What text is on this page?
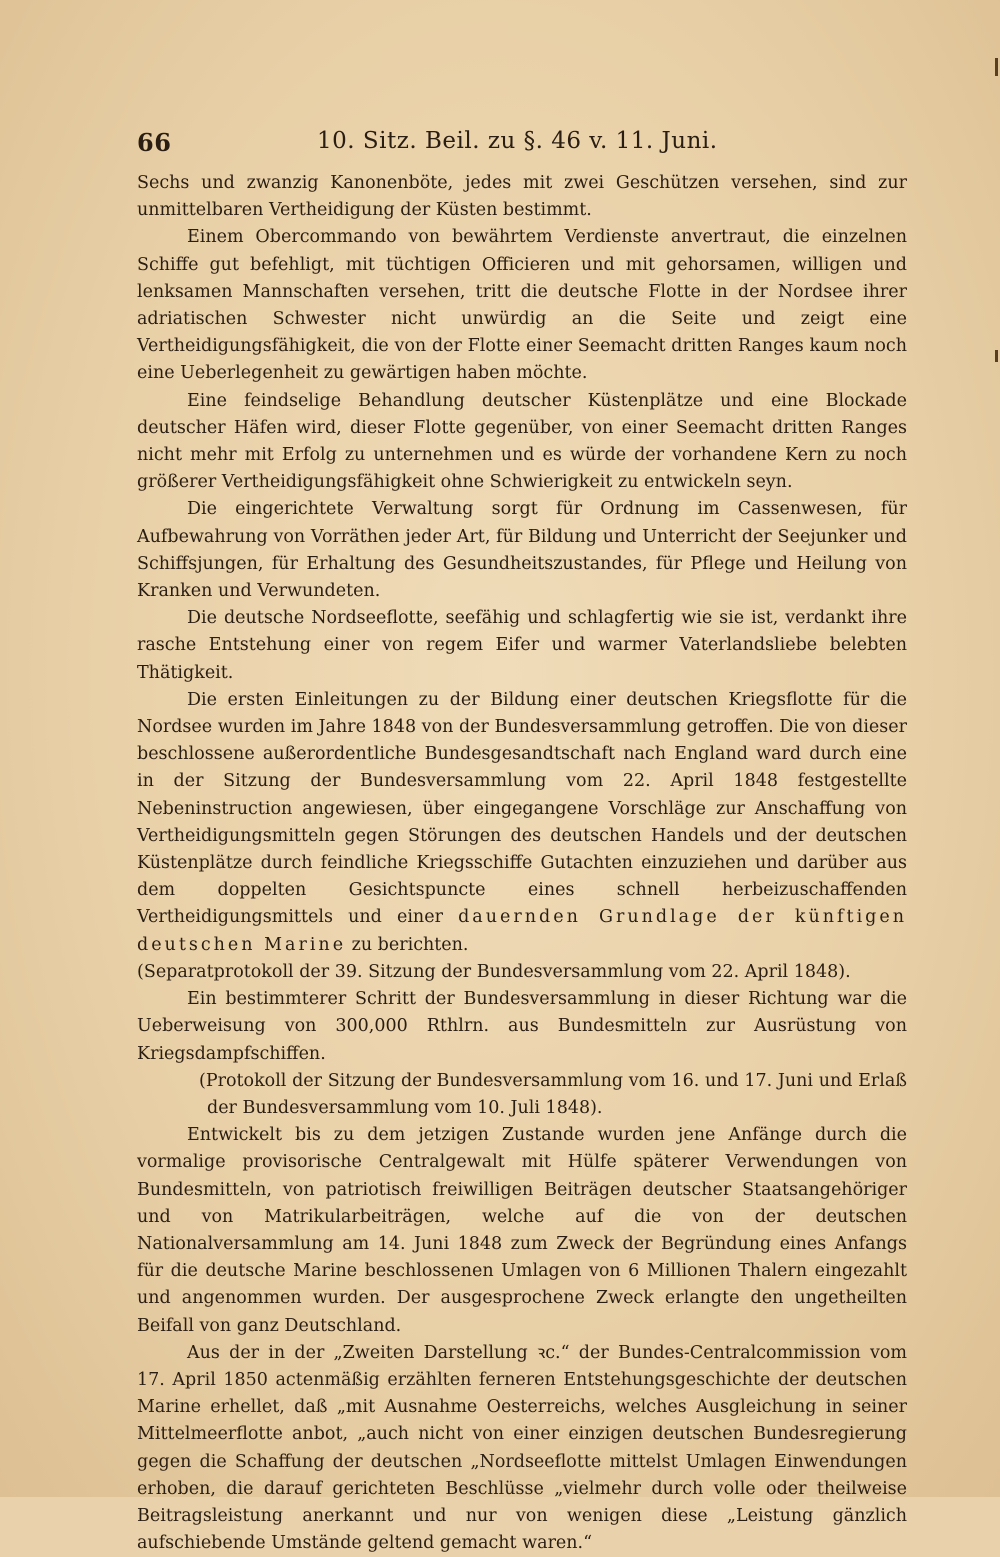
66	10. Sitz. Beil. zu §. 46 v. 11. Juni.

Sechs und zwanzig Kanonenböte, jedes mit zwei Geschützen versehen, sind zur unmittelbaren Vertheidigung der Küsten bestimmt.

Einem Obercommando von bewährtem Verdienste anvertraut, die einzelnen Schiffe gut befehligt, mit tüchtigen Officieren und mit gehorsamen, willigen und lenksamen Mannschaften versehen, tritt die deutsche Flotte in der Nordsee ihrer adriatischen Schwester nicht unwürdig an die Seite und zeigt eine Vertheidigungsfähigkeit, die von der Flotte einer Seemacht dritten Ranges kaum noch eine Ueberlegenheit zu gewärtigen haben möchte.

Eine feindselige Behandlung deutscher Küstenplätze und eine Blockade deutscher Häfen wird, dieser Flotte gegenüber, von einer Seemacht dritten Ranges nicht mehr mit Erfolg zu unternehmen und es würde der vorhandene Kern zu noch größerer Vertheidigungsfähigkeit ohne Schwierigkeit zu entwickeln seyn.

Die eingerichtete Verwaltung sorgt für Ordnung im Cassenwesen, für Aufbewahrung von Vorräthen jeder Art, für Bildung und Unterricht der Seejunker und Schiffsjungen, für Erhaltung des Gesundheitszustandes, für Pflege und Heilung von Kranken und Verwundeten.

Die deutsche Nordseeflotte, seefähig und schlagfertig wie sie ist, verdankt ihre rasche Entstehung einer von regem Eifer und warmer Vaterlandsliebe belebten Thätigkeit.

Die ersten Einleitungen zu der Bildung einer deutschen Kriegsflotte für die Nordsee wurden im Jahre 1848 von der Bundesversammlung getroffen. Die von dieser beschlossene außerordentliche Bundesgesandtschaft nach England ward durch eine in der Sitzung der Bundesversammlung vom 22. April 1848 festgestellte Nebeninstruction angewiesen, über eingegangene Vorschläge zur Anschaffung von Vertheidigungsmitteln gegen Störungen des deutschen Handels und der deutschen Küstenplätze durch feindliche Kriegsschiffe Gutachten einzuziehen und darüber aus dem doppelten Gesichtspuncte eines schnell herbeizuschaffenden Vertheidigungsmittels und einer dauernden Grundlage der künftigen deutschen Marine zu berichten.

(Separatprotokoll der 39. Sitzung der Bundesversammlung vom 22. April 1848).

Ein bestimmterer Schritt der Bundesversammlung in dieser Richtung war die Ueberweisung von 300,000 Rthlrn. aus Bundesmitteln zur Ausrüstung von Kriegsdampfschiffen.

(Protokoll der Sitzung der Bundesversammlung vom 16. und 17. Juni und Erlaß der Bundesversammlung vom 10. Juli 1848).

Entwickelt bis zu dem jetzigen Zustande wurden jene Anfänge durch die vormalige provisorische Centralgewalt mit Hülfe späterer Verwendungen von Bundesmitteln, von patriotisch freiwilligen Beiträgen deutscher Staatsangehöriger und von Matrikularbeiträgen, welche auf die von der deutschen Nationalversammlung am 14. Juni 1848 zum Zweck der Begründung eines Anfangs für die deutsche Marine beschlossenen Umlagen von 6 Millionen Thalern eingezahlt und angenommen wurden. Der ausgesprochene Zweck erlangte den ungetheilten Beifall von ganz Deutschland.

Aus der in der „Zweiten Darstellung ꝛc.“ der Bundes-Centralcommission vom 17. April 1850 actenmäßig erzählten ferneren Entstehungsgeschichte der deutschen Marine erhellet, daß „mit Ausnahme Oesterreichs, welches Ausgleichung in seiner Mittelmeerflotte anbot, „auch nicht von einer einzigen deutschen Bundesregierung gegen die Schaffung der deutschen „Nordseeflotte mittelst Umlagen Einwendungen erhoben, die darauf gerichteten Beschlüsse „vielmehr durch volle oder theilweise Beitragsleistung anerkannt und nur von wenigen diese „Leistung gänzlich aufschiebende Umstände geltend gemacht waren.“
